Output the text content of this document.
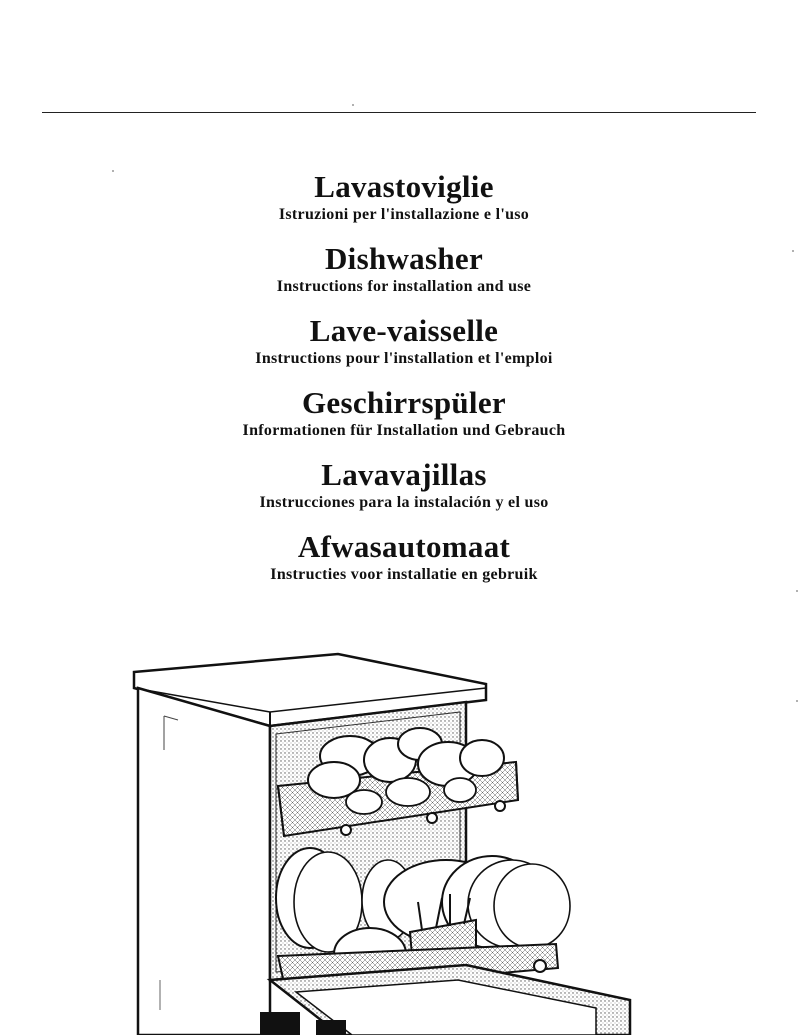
Lavastoviglie
Istruzioni per l'installazione e l'uso
Dishwasher
Instructions for installation and use
Lave-vaisselle
Instructions pour l'installation et l'emploi
Geschirrspüler
Informationen für Installation und Gebrauch
Lavavajillas
Instrucciones para la instalación y el uso
Afwasautomaat
Instructies voor installatie en gebruik
